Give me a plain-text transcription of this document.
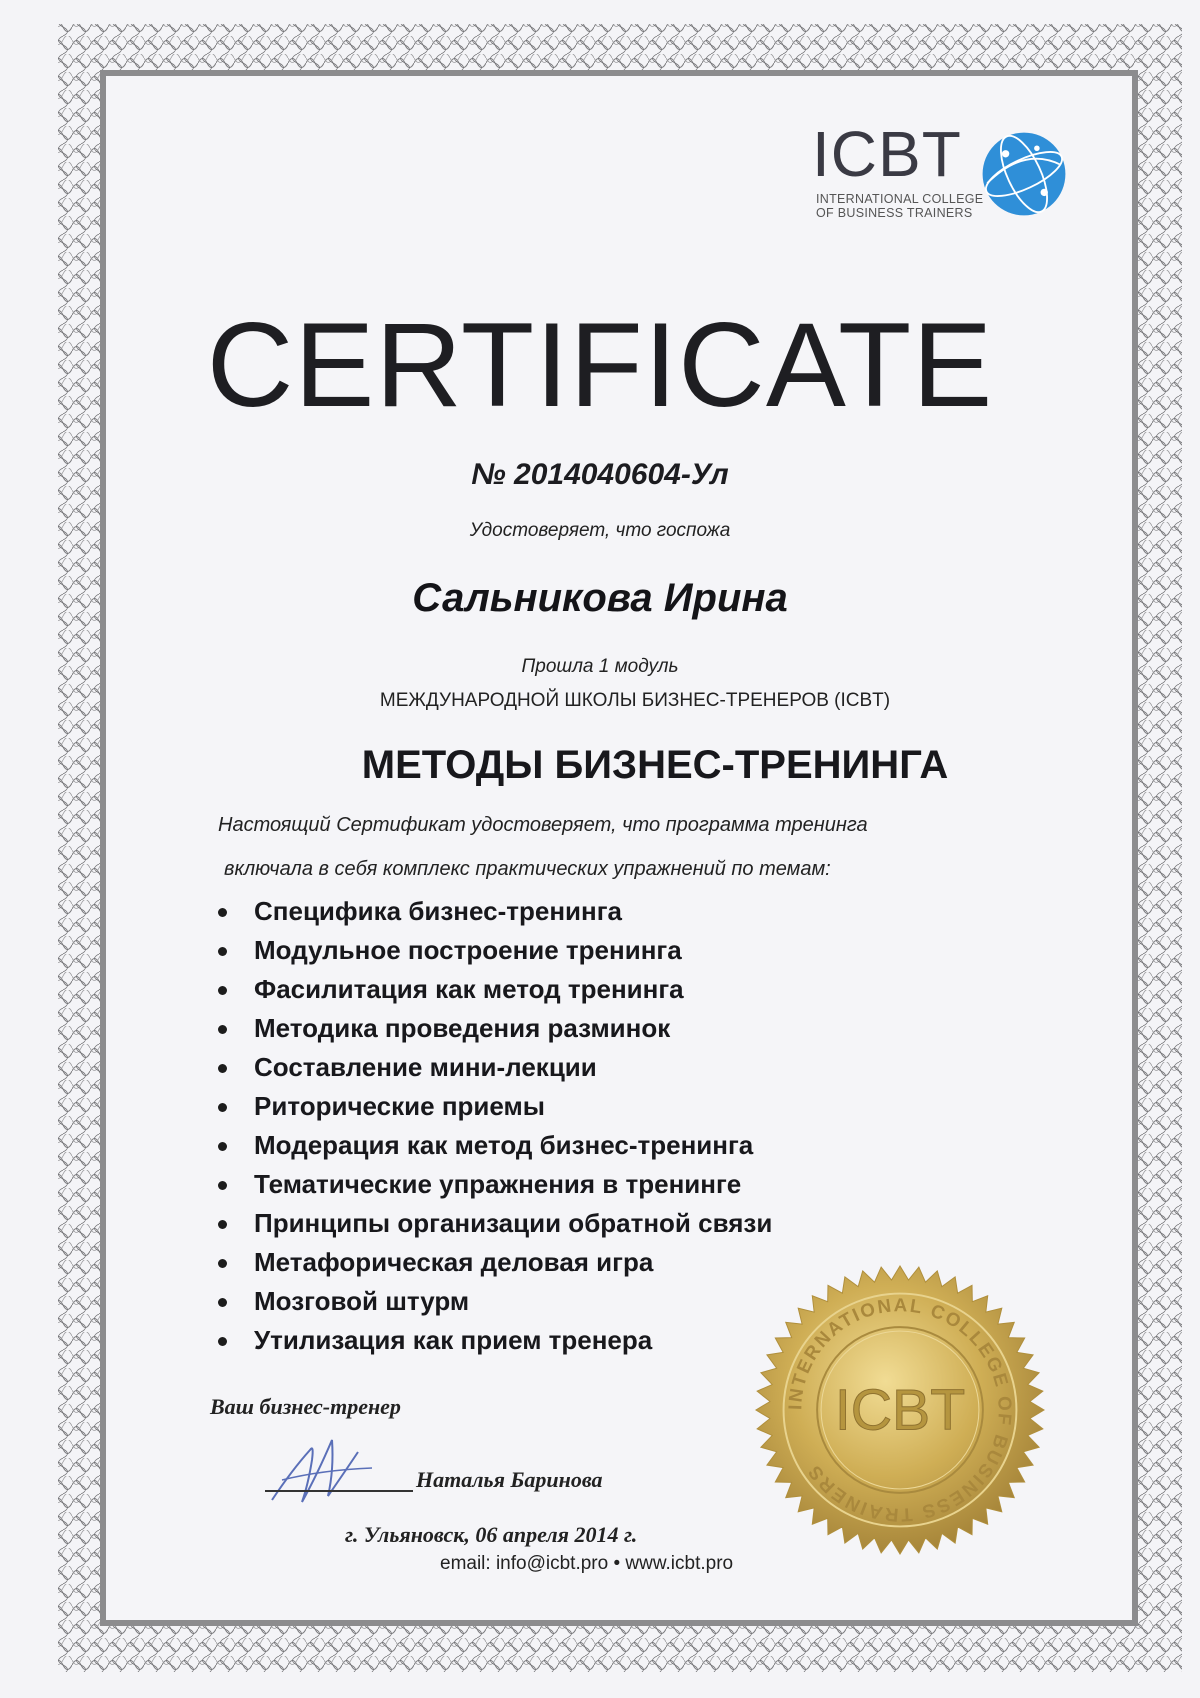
ICBT
INTERNATIONAL COLLEGE
OF BUSINESS TRAINERS
CERTIFICATE
№ 2014040604-Ул
Удостоверяет, что госпожа
Сальникова Ирина
Прошла 1 модуль
МЕЖДУНАРОДНОЙ ШКОЛЫ БИЗНЕС-ТРЕНЕРОВ (ICBT)
МЕТОДЫ БИЗНЕС-ТРЕНИНГА
Настоящий Сертификат удостоверяет, что программа тренинга
включала в себя комплекс практических упражнений по темам:
Специфика бизнес-тренинга
Модульное построение тренинга
Фасилитация как метод тренинга
Методика проведения разминок
Составление мини-лекции
Риторические приемы
Модерация как метод бизнес-тренинга
Тематические упражнения в тренинге
Принципы организации обратной связи
Метафорическая деловая игра
Мозговой штурм
Утилизация как прием тренера
Ваш бизнес-тренер
Наталья Баринова
г. Ульяновск, 06 апреля 2014 г.
email: info@icbt.pro • www.icbt.pro
INTERNATIONAL COLLEGE OF BUSINESS TRAINERS
ICBT
